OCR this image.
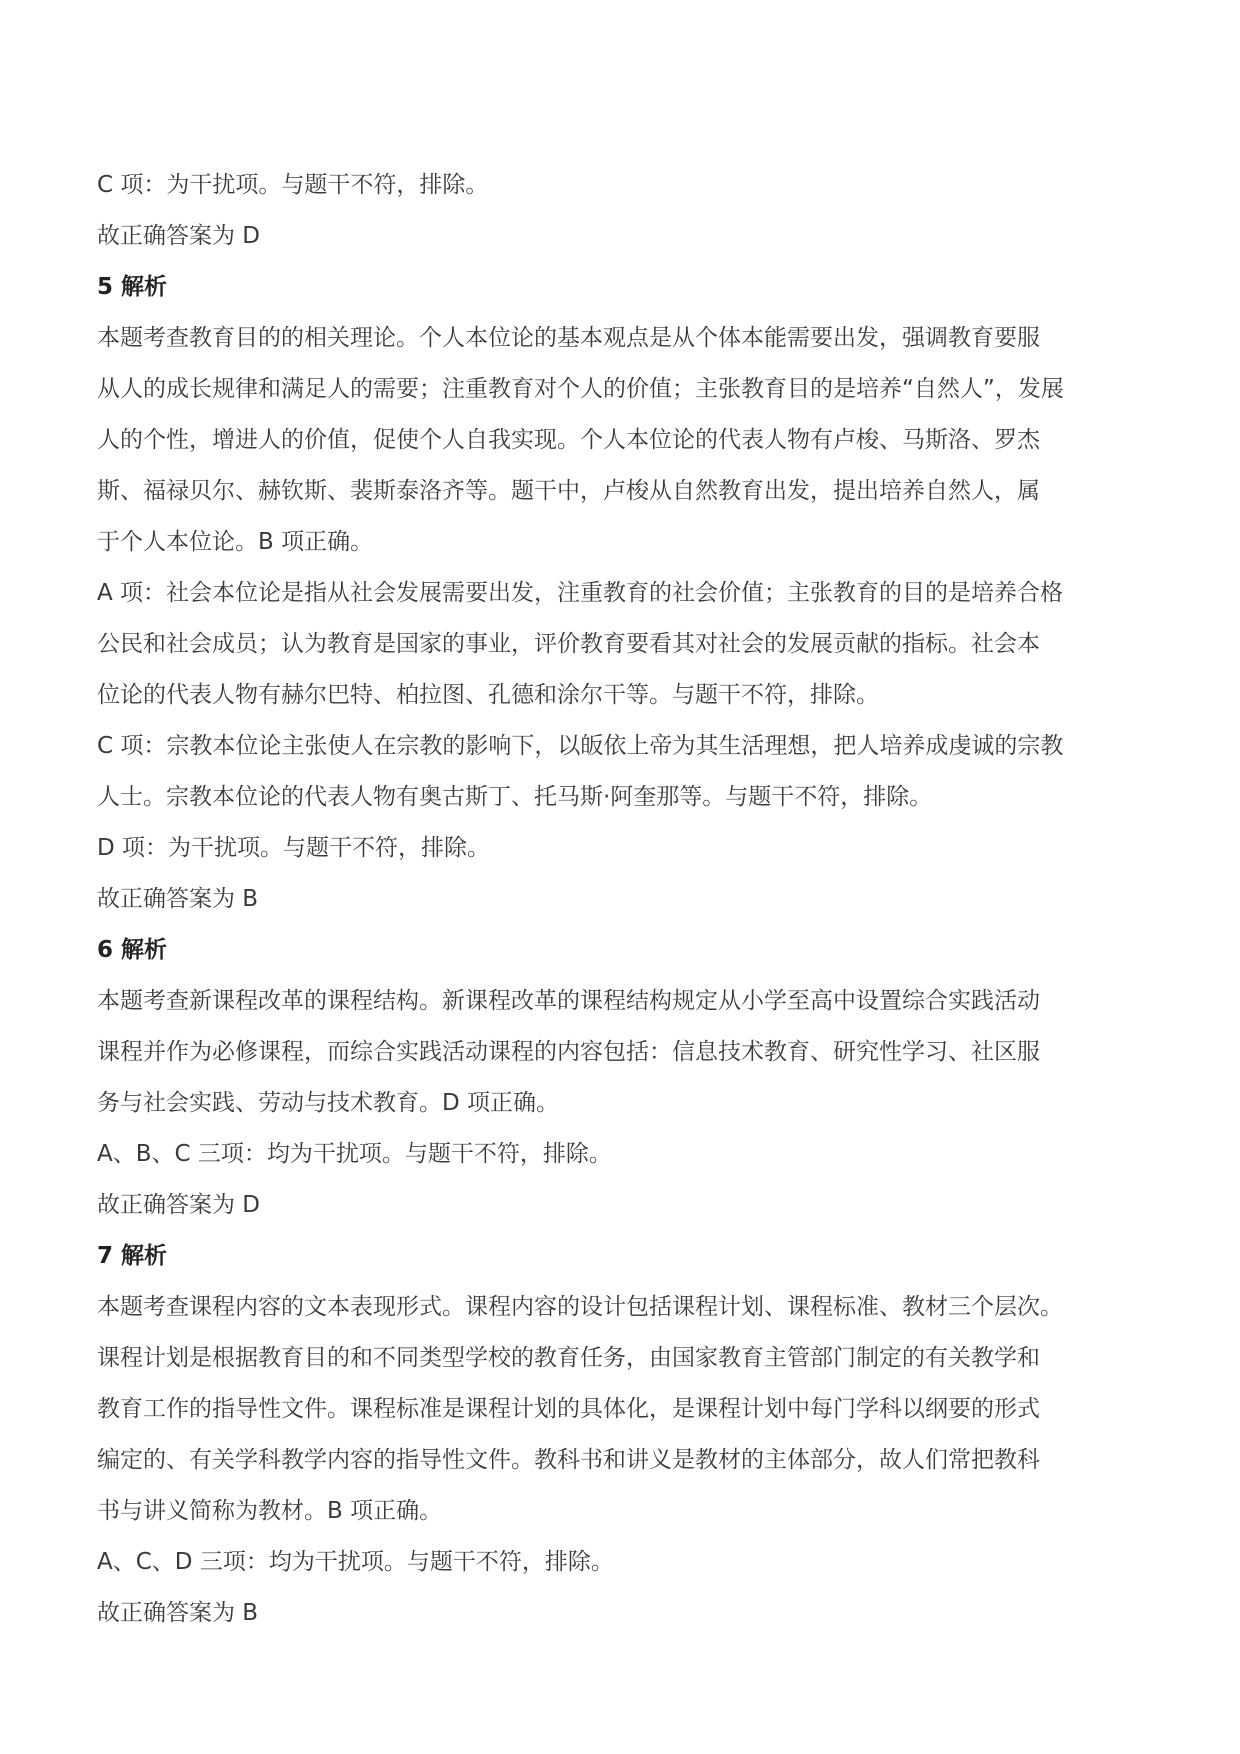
C 项：为干扰项。与题干不符，排除。

故正确答案为 D

5 解析

本题考查教育目的的相关理论。个人本位论的基本观点是从个体本能需要出发，强调教育要服

从人的成长规律和满足人的需要；注重教育对个人的价值；主张教育目的是培养“自然人”，发展

人的个性，增进人的价值，促使个人自我实现。个人本位论的代表人物有卢梭、马斯洛、罗杰

斯、福禄贝尔、赫钦斯、裴斯泰洛齐等。题干中，卢梭从自然教育出发，提出培养自然人，属

于个人本位论。B 项正确。

A 项：社会本位论是指从社会发展需要出发，注重教育的社会价值；主张教育的目的是培养合格

公民和社会成员；认为教育是国家的事业，评价教育要看其对社会的发展贡献的指标。社会本

位论的代表人物有赫尔巴特、柏拉图、孔德和涂尔干等。与题干不符，排除。

C 项：宗教本位论主张使人在宗教的影响下，以皈依上帝为其生活理想，把人培养成虔诚的宗教

人士。宗教本位论的代表人物有奥古斯丁、托马斯·阿奎那等。与题干不符，排除。

D 项：为干扰项。与题干不符，排除。

故正确答案为 B

6 解析

本题考查新课程改革的课程结构。新课程改革的课程结构规定从小学至高中设置综合实践活动

课程并作为必修课程，而综合实践活动课程的内容包括：信息技术教育、研究性学习、社区服

务与社会实践、劳动与技术教育。D 项正确。

A、B、C 三项：均为干扰项。与题干不符，排除。

故正确答案为 D

7 解析

本题考查课程内容的文本表现形式。课程内容的设计包括课程计划、课程标准、教材三个层次。

课程计划是根据教育目的和不同类型学校的教育任务，由国家教育主管部门制定的有关教学和

教育工作的指导性文件。课程标准是课程计划的具体化，是课程计划中每门学科以纲要的形式

编定的、有关学科教学内容的指导性文件。教科书和讲义是教材的主体部分，故人们常把教科

书与讲义简称为教材。B 项正确。

A、C、D 三项：均为干扰项。与题干不符，排除。

故正确答案为 B
